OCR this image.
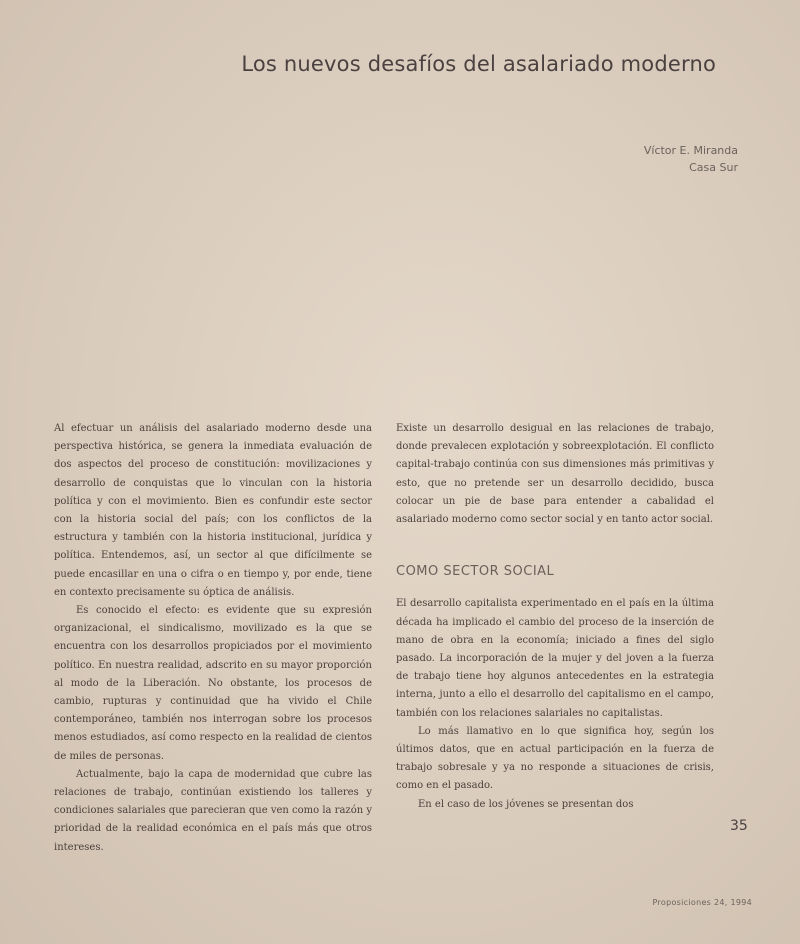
Los nuevos desafíos del asalariado moderno
Víctor E. Miranda
Casa Sur

Al efectuar un análisis del asalariado moderno desde una perspectiva histórica, se genera la inmediata evaluación de dos aspectos del proceso de constitución: movilizaciones y desarrollo de conquistas que lo vinculan con la historia política y con el movimiento. Bien es confundir este sector con la historia social del país; con los conflictos de la estructura y también con la historia institucional, jurídica y política. Entendemos, así, un sector al que difícilmente se puede encasillar en una o cifra o en tiempo y, por ende, tiene en contexto precisamente su óptica de análisis.

Es conocido el efecto: es evidente que su expresión organizacional, el sindicalismo, movilizado es la que se encuentra con los desarrollos propiciados por el movimiento político. En nuestra realidad, adscrito en su mayor proporción al modo de la Liberación. No obstante, los procesos de cambio, rupturas y continuidad que ha vivido el Chile contemporáneo, también nos interrogan sobre los procesos menos estudiados, así como respecto en la realidad de cientos de miles de personas.

Actualmente, bajo la capa de modernidad que cubre las relaciones de trabajo, continúan existiendo los talleres y condiciones salariales que parecieran que ven como la razón y prioridad de la realidad económica en el país más que otros intereses.

Existe un desarrollo desigual en las relaciones de trabajo, donde prevalecen explotación y sobreexplotación. El conflicto capital-trabajo continúa con sus dimensiones más primitivas y esto, que no pretende ser un desarrollo decidido, busca colocar un pie de base para entender a cabalidad el asalariado moderno como sector social y en tanto actor social.

COMO SECTOR SOCIAL

El desarrollo capitalista experimentado en el país en la última década ha implicado el cambio del proceso de la inserción de mano de obra en la economía; iniciado a fines del siglo pasado. La incorporación de la mujer y del joven a la fuerza de trabajo tiene hoy algunos antecedentes en la estrategia interna, junto a ello el desarrollo del capitalismo en el campo, también con los relaciones salariales no capitalistas.

Lo más llamativo en lo que significa hoy, según los últimos datos, que en actual participación en la fuerza de trabajo sobresale y ya no responde a situaciones de crisis, como en el pasado.

En el caso de los jóvenes se presentan dos

35
Proposiciones 24, 1994
